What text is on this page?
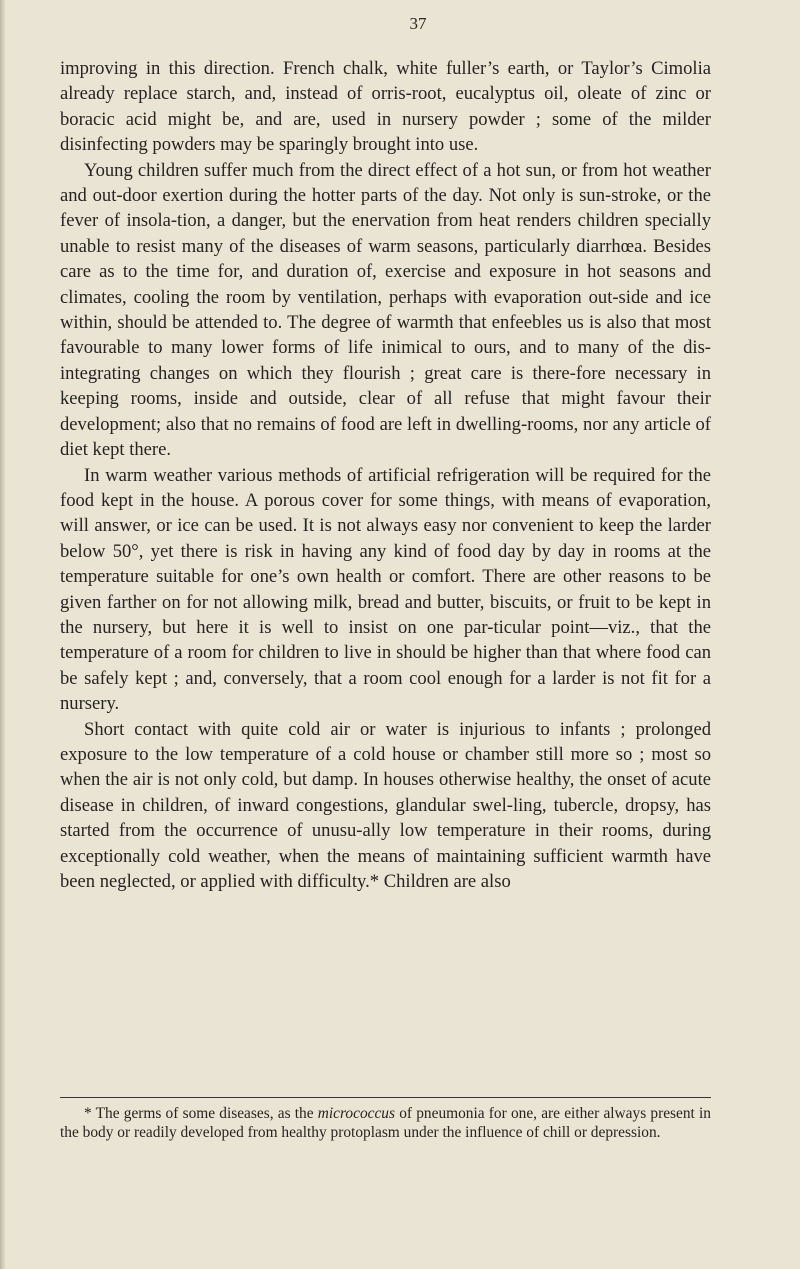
37

improving in this direction. French chalk, white fuller’s earth, or Taylor’s Cimolia already replace starch, and, instead of orris-root, eucalyptus oil, oleate of zinc or boracic acid might be, and are, used in nursery powder ; some of the milder disinfecting powders may be sparingly brought into use.

Young children suffer much from the direct effect of a hot sun, or from hot weather and out-door exertion during the hotter parts of the day. Not only is sun-stroke, or the fever of insola-tion, a danger, but the enervation from heat renders children specially unable to resist many of the diseases of warm seasons, particularly diarrhœa. Besides care as to the time for, and duration of, exercise and exposure in hot seasons and climates, cooling the room by ventilation, perhaps with evaporation out-side and ice within, should be attended to. The degree of warmth that enfeebles us is also that most favourable to many lower forms of life inimical to ours, and to many of the dis-integrating changes on which they flourish ; great care is there-fore necessary in keeping rooms, inside and outside, clear of all refuse that might favour their development; also that no remains of food are left in dwelling-rooms, nor any article of diet kept there.

In warm weather various methods of artificial refrigeration will be required for the food kept in the house. A porous cover for some things, with means of evaporation, will answer, or ice can be used. It is not always easy nor convenient to keep the larder below 50°, yet there is risk in having any kind of food day by day in rooms at the temperature suitable for one’s own health or comfort. There are other reasons to be given farther on for not allowing milk, bread and butter, biscuits, or fruit to be kept in the nursery, but here it is well to insist on one par-ticular point—viz., that the temperature of a room for children to live in should be higher than that where food can be safely kept ; and, conversely, that a room cool enough for a larder is not fit for a nursery.

Short contact with quite cold air or water is injurious to infants ; prolonged exposure to the low temperature of a cold house or chamber still more so ; most so when the air is not only cold, but damp. In houses otherwise healthy, the onset of acute disease in children, of inward congestions, glandular swel-ling, tubercle, dropsy, has started from the occurrence of unusu-ally low temperature in their rooms, during exceptionally cold weather, when the means of maintaining sufficient warmth have been neglected, or applied with difficulty.* Children are also

* The germs of some diseases, as the micrococcus of pneumonia for one, are either always present in the body or readily developed from healthy protoplasm under the influence of chill or depression.
